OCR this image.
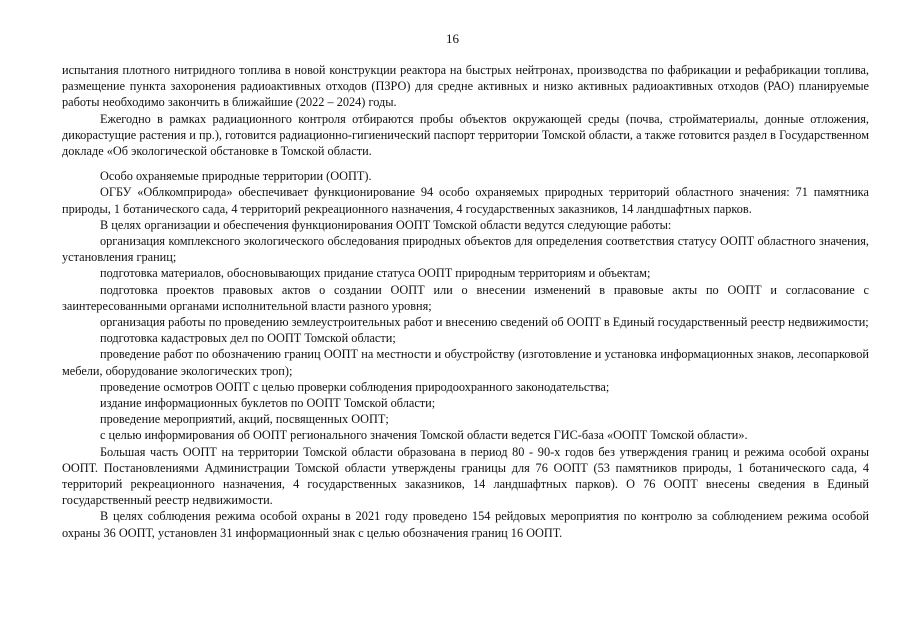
16

испытания плотного нитридного топлива в новой конструкции реактора на быстрых нейтронах, производства по фабрикации и рефабрикации топлива, размещение пункта захоронения радиоактивных отходов (ПЗРО) для средне активных и низко активных радиоактивных отходов (РАО) планируемые работы необходимо закончить в ближайшие (2022 – 2024) годы.

Ежегодно в рамках радиационного контроля отбираются пробы объектов окружающей среды (почва, стройматериалы, донные отложения, дикорастущие растения и пр.), готовится радиационно-гигиенический паспорт территории Томской области, а также готовится раздел в Государственном докладе «Об экологической обстановке в Томской области.

Особо охраняемые природные территории (ООПТ).

ОГБУ «Облкомприрода» обеспечивает функционирование 94 особо охраняемых природных территорий областного значения: 71 памятника природы, 1 ботанического сада, 4 территорий рекреационного назначения, 4 государственных заказников, 14 ландшафтных парков.

В целях организации и обеспечения функционирования ООПТ Томской области ведутся следующие работы:

организация комплексного экологического обследования природных объектов для определения соответствия статусу ООПТ областного значения, установления границ;

подготовка материалов, обосновывающих придание статуса ООПТ природным территориям и объектам;

подготовка проектов правовых актов о создании ООПТ или о внесении изменений в правовые акты по ООПТ и согласование с заинтересованными органами исполнительной власти разного уровня;

организация работы по проведению землеустроительных работ и внесению сведений об ООПТ в Единый государственный реестр недвижимости;

подготовка кадастровых дел по ООПТ Томской области;

проведение работ по обозначению границ ООПТ на местности и обустройству (изготовление и установка информационных знаков, лесопарковой мебели, оборудование экологических троп);

проведение осмотров ООПТ с целью проверки соблюдения природоохранного законодательства;

издание информационных буклетов по ООПТ Томской области;

проведение мероприятий, акций, посвященных ООПТ;

с целью информирования об ООПТ регионального значения Томской области ведется ГИС-база «ООПТ Томской области».

Большая часть ООПТ на территории Томской области образована в период 80 - 90-х годов без утверждения границ и режима особой охраны ООПТ. Постановлениями Администрации Томской области утверждены границы для 76 ООПТ (53 памятников природы, 1 ботанического сада, 4 территорий рекреационного назначения, 4 государственных заказников, 14 ландшафтных парков). О 76 ООПТ внесены сведения в Единый государственный реестр недвижимости.

В целях соблюдения режима особой охраны в 2021 году проведено 154 рейдовых мероприятия по контролю за соблюдением режима особой охраны 36 ООПТ, установлен 31 информационный знак с целью обозначения границ 16 ООПТ.
